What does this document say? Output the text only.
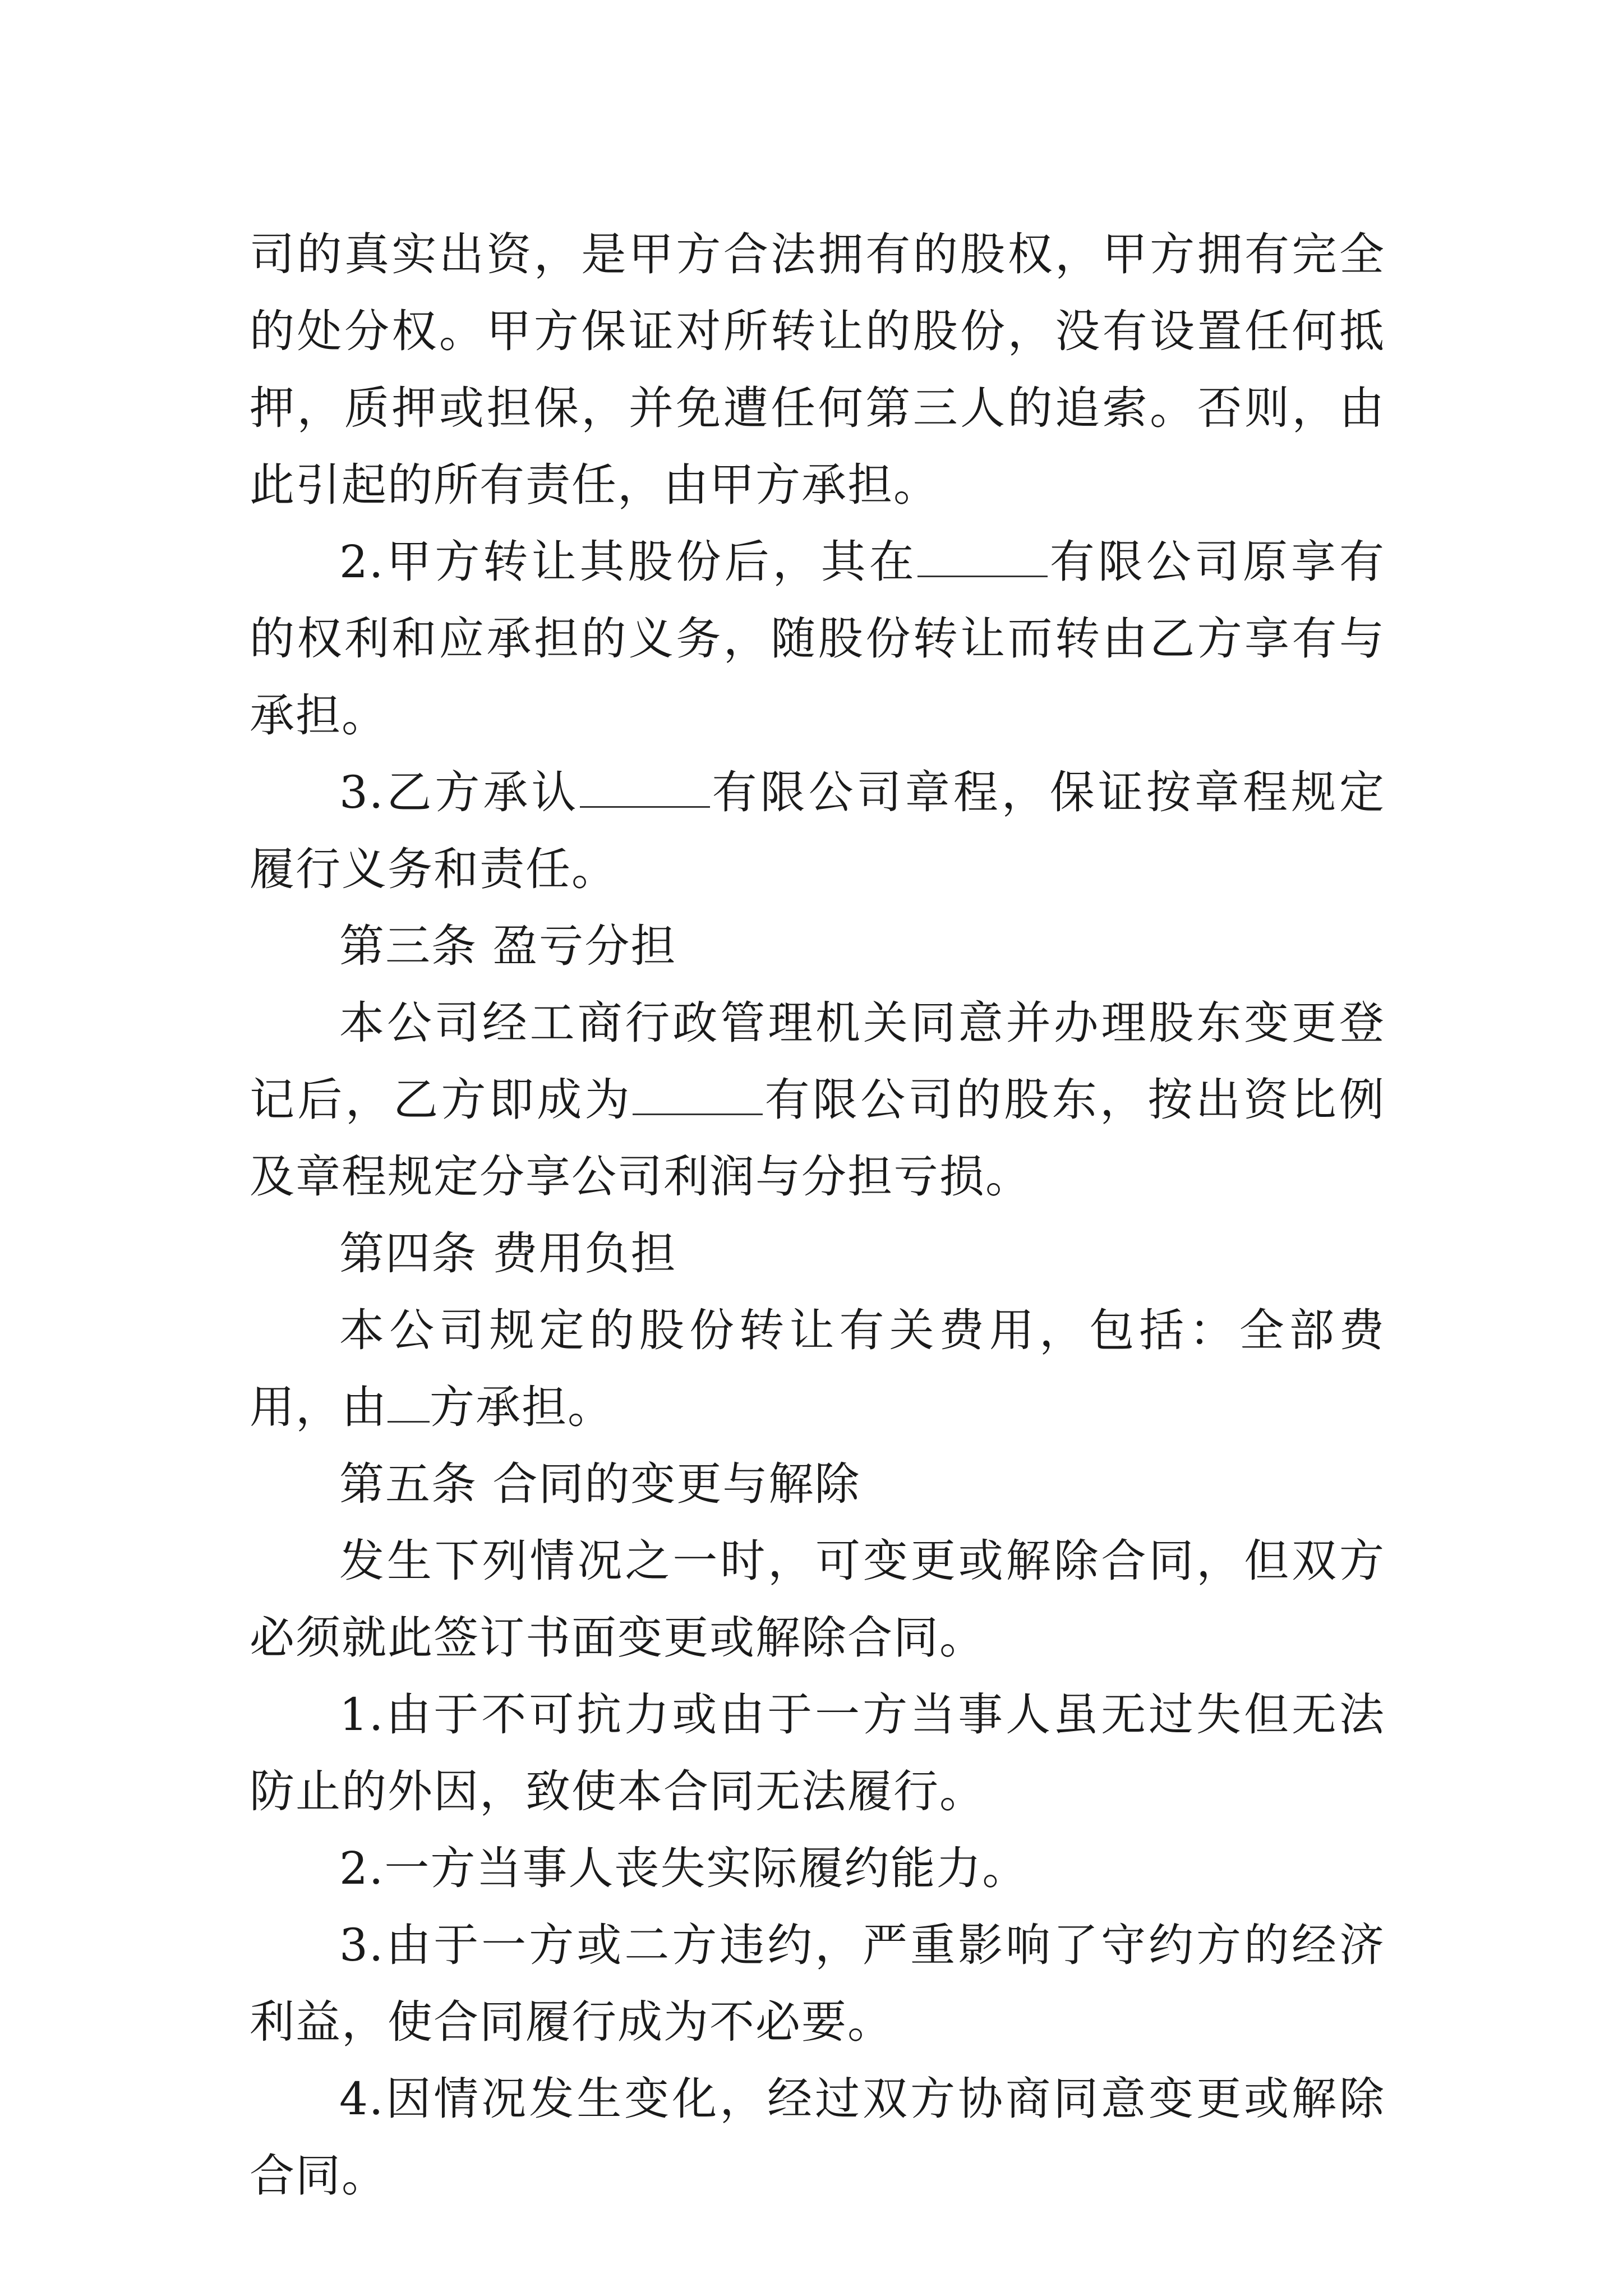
司的真实出资，是甲方合法拥有的股权，甲方拥有完全的处分权。甲方保证对所转让的股份，没有设置任何抵押，质押或担保，并免遭任何第三人的追索。否则，由此引起的所有责任，由甲方承担。

2.甲方转让其股份后，其在	有限公司原享有的权利和应承担的义务，随股份转让而转由乙方享有与承担。

3.乙方承认	有限公司章程，保证按章程规定履行义务和责任。

第三条 盈亏分担

本公司经工商行政管理机关同意并办理股东变更登记后，乙方即成为	有限公司的股东，按出资比例及章程规定分享公司利润与分担亏损。

第四条 费用负担

本公司规定的股份转让有关费用，包括：全部费用，由 方承担。

第五条 合同的变更与解除

发生下列情况之一时，可变更或解除合同，但双方必须就此签订书面变更或解除合同。

1.由于不可抗力或由于一方当事人虽无过失但无法防止的外因，致使本合同无法履行。

2.一方当事人丧失实际履约能力。

3.由于一方或二方违约，严重影响了守约方的经济利益，使合同履行成为不必要。

4.因情况发生变化，经过双方协商同意变更或解除合同。
